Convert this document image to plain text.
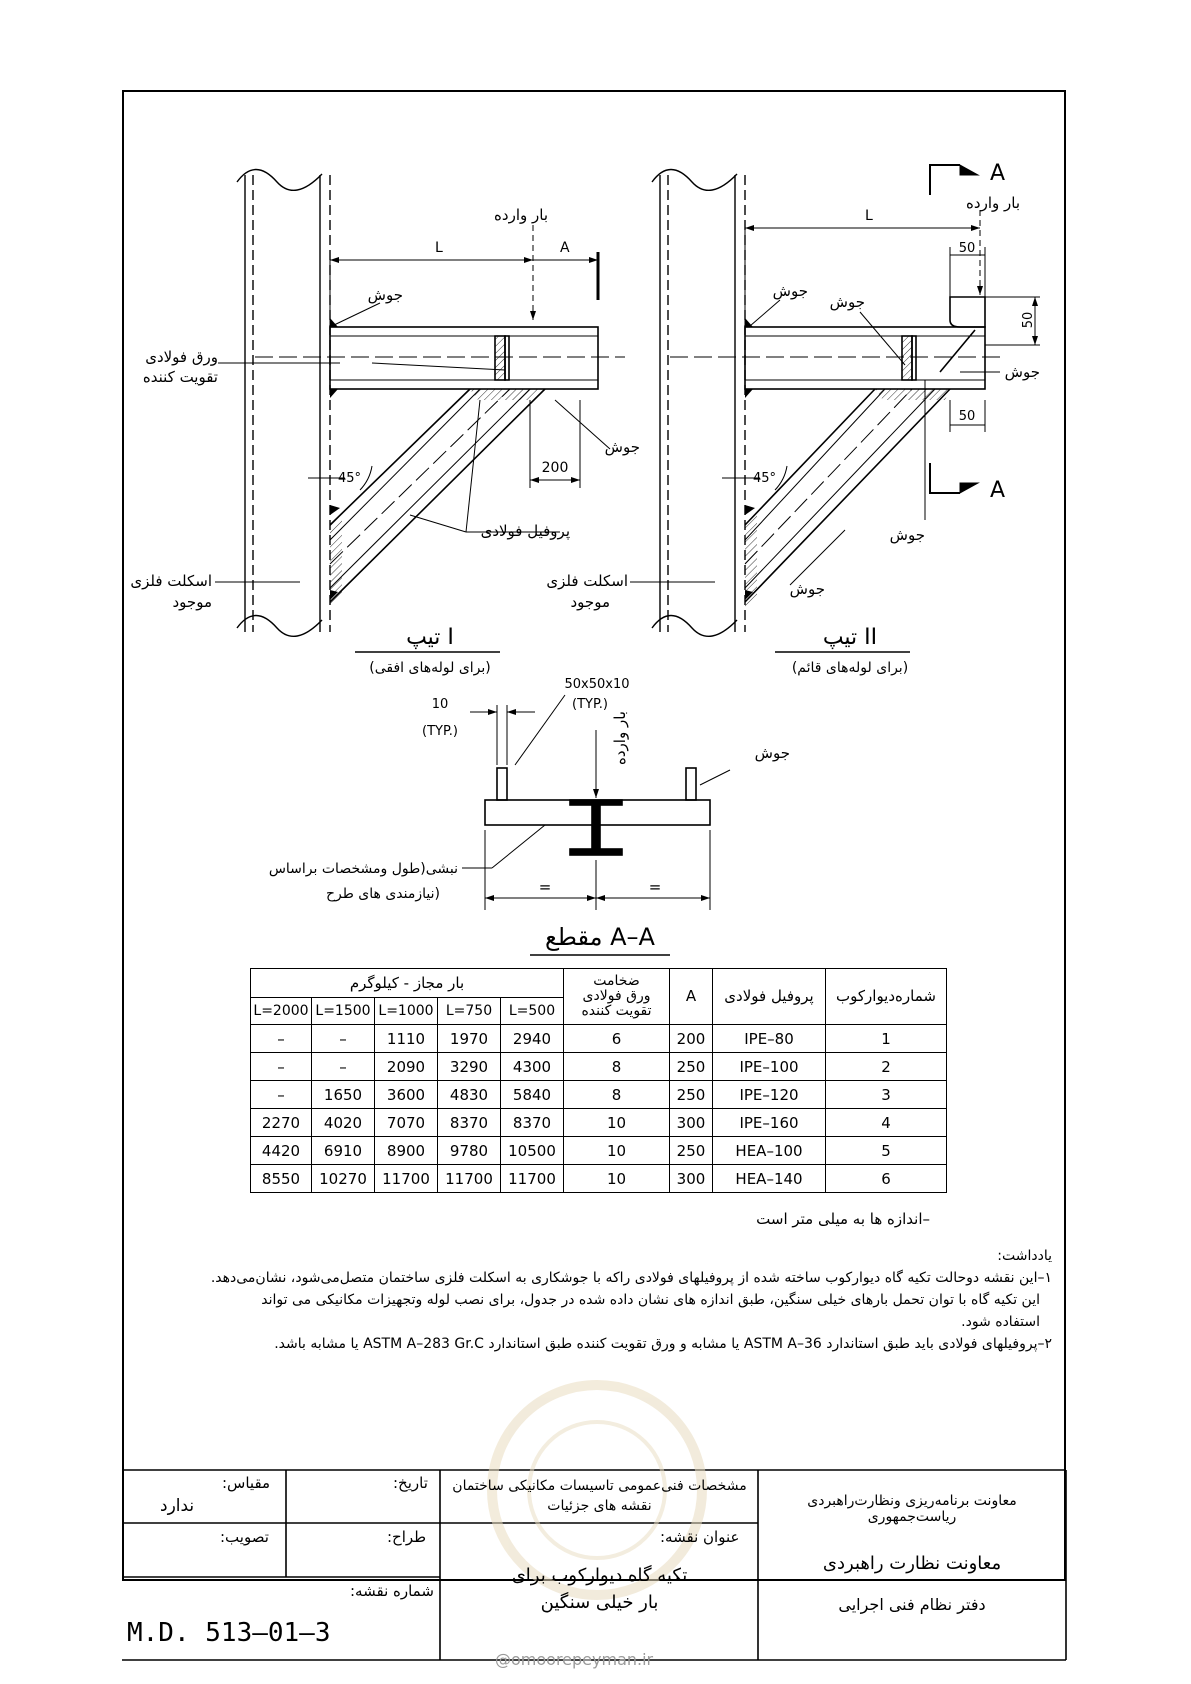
بار وارده
L	A
جوش
ورق فولادی
تقویت کننده
جوش
200
45°
پروفیل فولادی
اسکلت فلزی
موجود
تیپ I
(برای لوله‌های افقی)
A
A
بار وارده
L
50
50
50
جوش
جوش
جوش
جوش
جوش
45°
اسکلت فلزی
موجود
تیپ II
(برای لوله‌های قائم)
50x50x10
(TYP.)
10
(TYP.)	بار وارده	جوش
=	=
نبشی(طول ومشخصات براساس
نیازمندی های طرح)
مقطع A–A
بار مجاز - کیلوگرم					ضخامت
ورق فولادی
تقویت کننده	A	پروفیل فولادی	شماره‌دیوارکوب
L=2000	L=1500	L=1000	L=750	L=500				
–	–	1110	1970	2940	6	200	IPE–80	1
–	–	2090	3290	4300	8	250	IPE–100	2
–	1650	3600	4830	5840	8	250	IPE–120	3
2270	4020	7070	8370	8370	10	300	IPE–160	4
4420	6910	8900	9780	10500	10	250	HEA–100	5
8550	10270	11700	11700	11700	10	300	HEA–140	6
–اندازه ها به میلی متر است

یادداشت:

۱–این نقشه دوحالت تکیه گاه دیوارکوب ساخته شده از پروفیلهای فولادی راکه با جوشکاری به اسکلت فلزی ساختمان متصل‌می‌شود، نشان‌می‌دهد.

این تکیه گاه با توان تحمل بارهای خیلی سنگین، طبق اندازه های نشان داده شده در جدول، برای نصب لوله وتجهیزات مکانیکی می تواند

استفاده شود.

۲–پروفیلهای فولادی باید طبق استاندارد ASTM A–36 یا مشابه و ورق تقویت کننده طبق استاندارد ASTM A–283 Gr.C یا مشابه باشد.

مقیاس:
ندارد
تاریخ:
تصویب:	طراح:
شماره نقشه:
M.D. 513–01–3
مشخصات فنی‌عمومی تاسیسات مکانیکی ساختمان
نقشه های جزئیات
عنوان نقشه:
تکیه گاه دیوارکوب برای
بار خیلی سنگین
معاونت برنامه‌ریزی ونظارت‌راهبردی ریاست‌جمهوری
معاونت نظارت راهبردی
دفتر نظام فنی اجرایی
@omoorepeyman.ir
